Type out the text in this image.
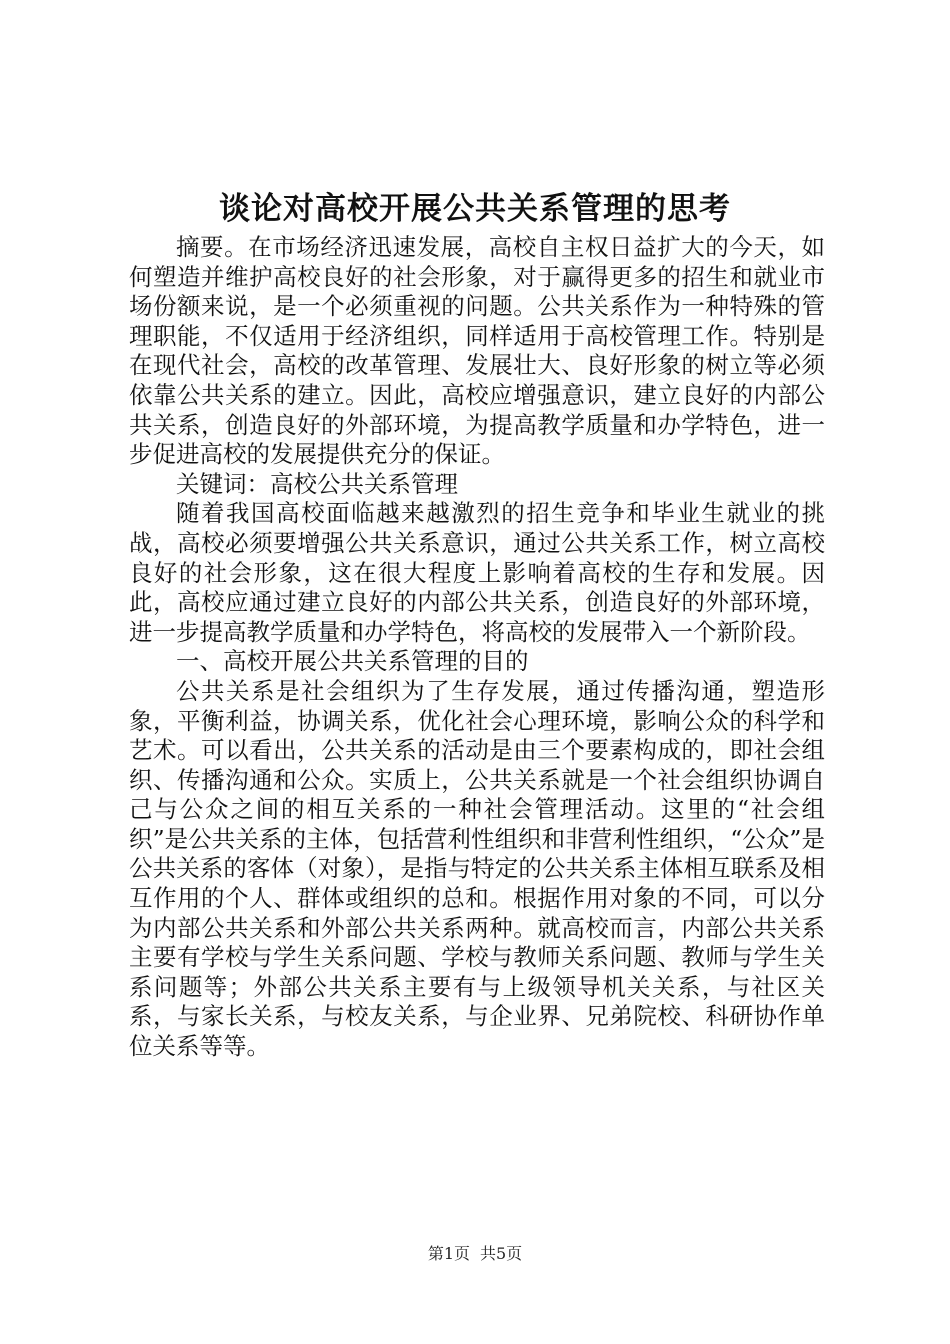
谈论对高校开展公共关系管理的思考

摘要。在市场经济迅速发展，高校自主权日益扩大的今天，如何塑造并维护高校良好的社会形象，对于赢得更多的招生和就业市场份额来说，是一个必须重视的问题。公共关系作为一种特殊的管理职能，不仅适用于经济组织，同样适用于高校管理工作。特别是在现代社会，高校的改革管理、发展壮大、良好形象的树立等必须依靠公共关系的建立。因此，高校应增强意识，建立良好的内部公共关系，创造良好的外部环境，为提高教学质量和办学特色，进一步促进高校的发展提供充分的保证。

关键词：高校公共关系管理

随着我国高校面临越来越激烈的招生竞争和毕业生就业的挑战，高校必须要增强公共关系意识，通过公共关系工作，树立高校良好的社会形象，这在很大程度上影响着高校的生存和发展。因此，高校应通过建立良好的内部公共关系，创造良好的外部环境，进一步提高教学质量和办学特色，将高校的发展带入一个新阶段。

一、高校开展公共关系管理的目的

公共关系是社会组织为了生存发展，通过传播沟通，塑造形象，平衡利益，协调关系，优化社会心理环境，影响公众的科学和艺术。可以看出，公共关系的活动是由三个要素构成的，即社会组织、传播沟通和公众。实质上，公共关系就是一个社会组织协调自己与公众之间的相互关系的一种社会管理活动。这里的“社会组织”是公共关系的主体，包括营利性组织和非营利性组织，“公众”是公共关系的客体（对象），是指与特定的公共关系主体相互联系及相互作用的个人、群体或组织的总和。根据作用对象的不同，可以分为内部公共关系和外部公共关系两种。就高校而言，内部公共关系主要有学校与学生关系问题、学校与教师关系问题、教师与学生关系问题等；外部公共关系主要有与上级领导机关关系，与社区关系，与家长关系，与校友关系，与企业界、兄弟院校、科研协作单位关系等等。

第1页 共5页
